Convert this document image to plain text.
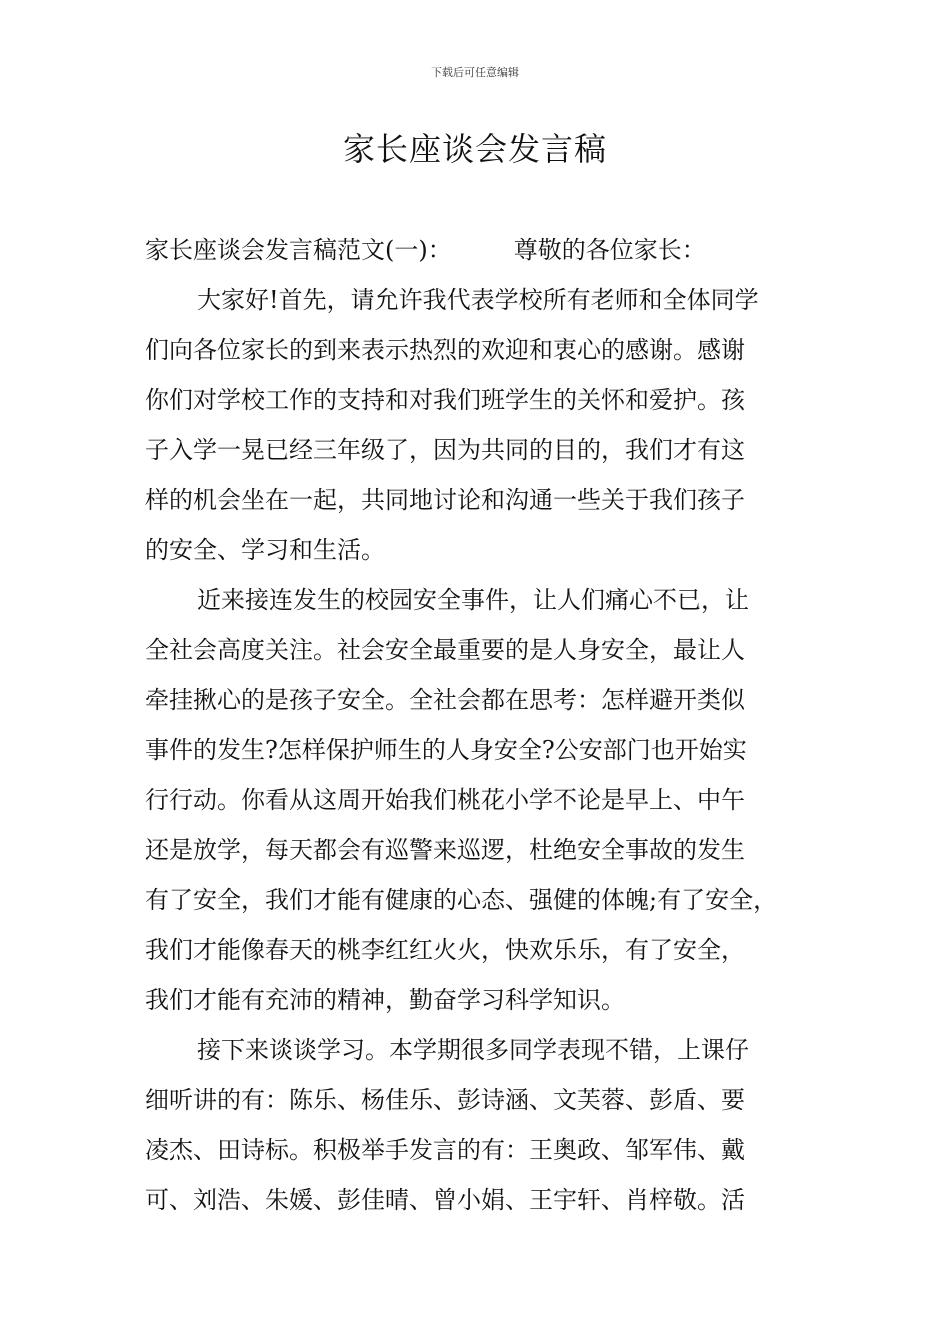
下载后可任意编辑
家长座谈会发言稿
家长座谈会发言稿范文(一)：	尊敬的各位家长：
大家好!首先，请允许我代表学校所有老师和全体同学
们向各位家长的到来表示热烈的欢迎和衷心的感谢。感谢
你们对学校工作的支持和对我们班学生的关怀和爱护。孩
子入学一晃已经三年级了，因为共同的目的，我们才有这
样的机会坐在一起，共同地讨论和沟通一些关于我们孩子
的安全、学习和生活。
近来接连发生的校园安全事件，让人们痛心不已，让
全社会高度关注。社会安全最重要的是人身安全，最让人
牵挂揪心的是孩子安全。全社会都在思考：怎样避开类似
事件的发生?怎样保护师生的人身安全?公安部门也开始实
行行动。你看从这周开始我们桃花小学不论是早上、中午
还是放学，每天都会有巡警来巡逻，杜绝安全事故的发生
有了安全，我们才能有健康的心态、强健的体魄;有了安全，
我们才能像春天的桃李红红火火，快欢乐乐，有了安全，
我们才能有充沛的精神，勤奋学习科学知识。
接下来谈谈学习。本学期很多同学表现不错，上课仔
细听讲的有：陈乐、杨佳乐、彭诗涵、文芙蓉、彭盾、要
凌杰、田诗标。积极举手发言的有：王奥政、邹军伟、戴
可、刘浩、朱媛、彭佳晴、曾小娟、王宇轩、肖梓敬。活
